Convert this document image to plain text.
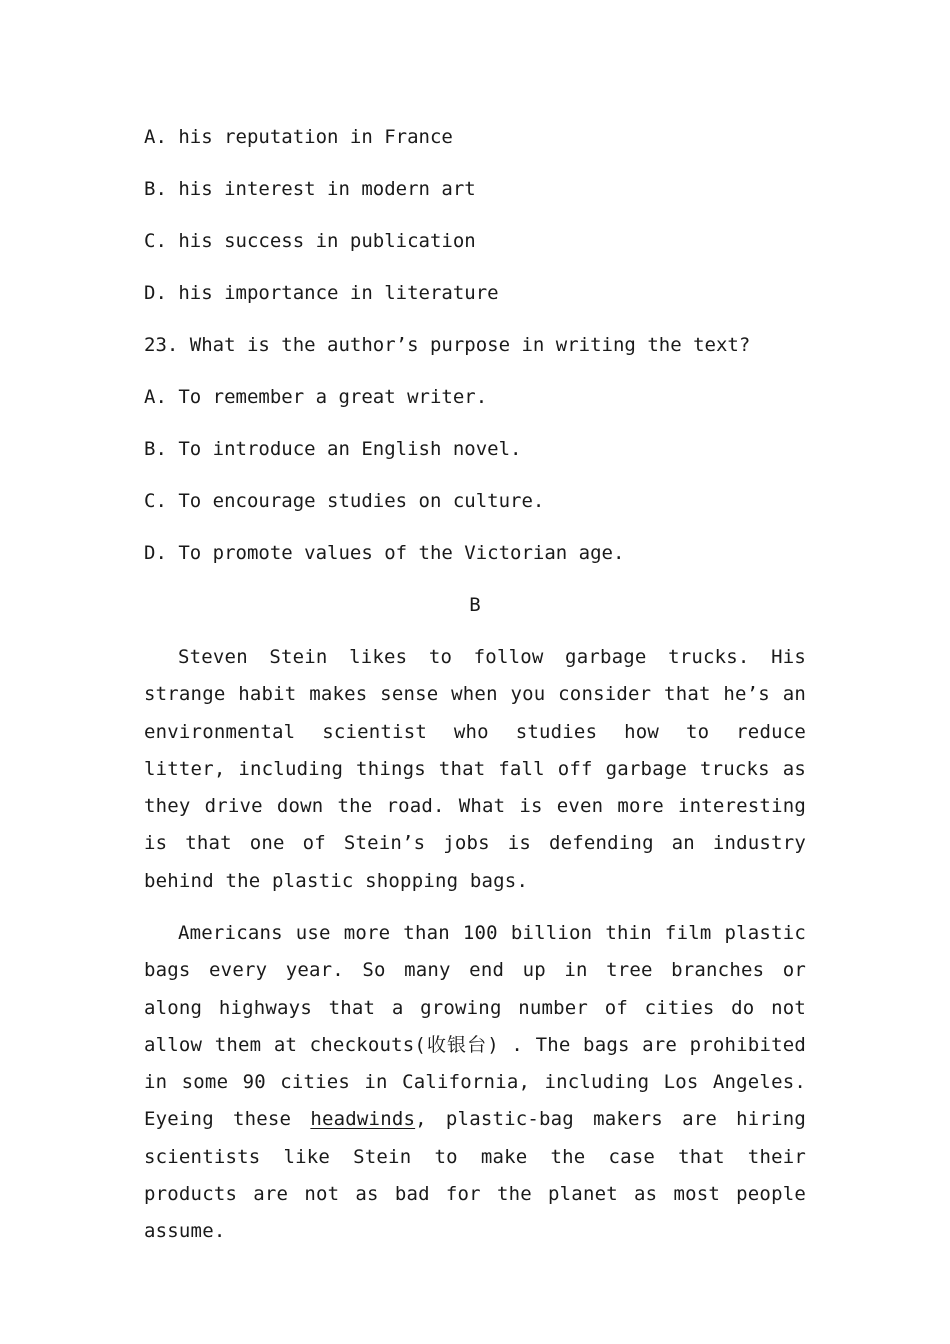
A. his reputation in France
B. his interest in modern art
C. his success in publication
D. his importance in literature
23. What is the author’s purpose in writing the text?
A. To remember a great writer.
B. To introduce an English novel.
C. To encourage studies on culture.
D. To promote values of the Victorian age.
B
Steven Stein likes to follow garbage trucks. His strange habit makes sense when you consider that he’s an environmental scientist who studies how to reduce litter, including things that fall off garbage trucks as they drive down the road. What is even more interesting is that one of Stein’s jobs is defending an industry behind the plastic shopping bags.
Americans use more than 100 billion thin film plastic bags every year. So many end up in tree branches or along highways that a growing number of cities do not allow them at checkouts(收银台) . The bags are prohibited in some 90 cities in California, including Los Angeles. Eyeing these headwinds, plastic-bag makers are hiring scientists like Stein to make the case that their products are not as bad for the planet as most people assume.
